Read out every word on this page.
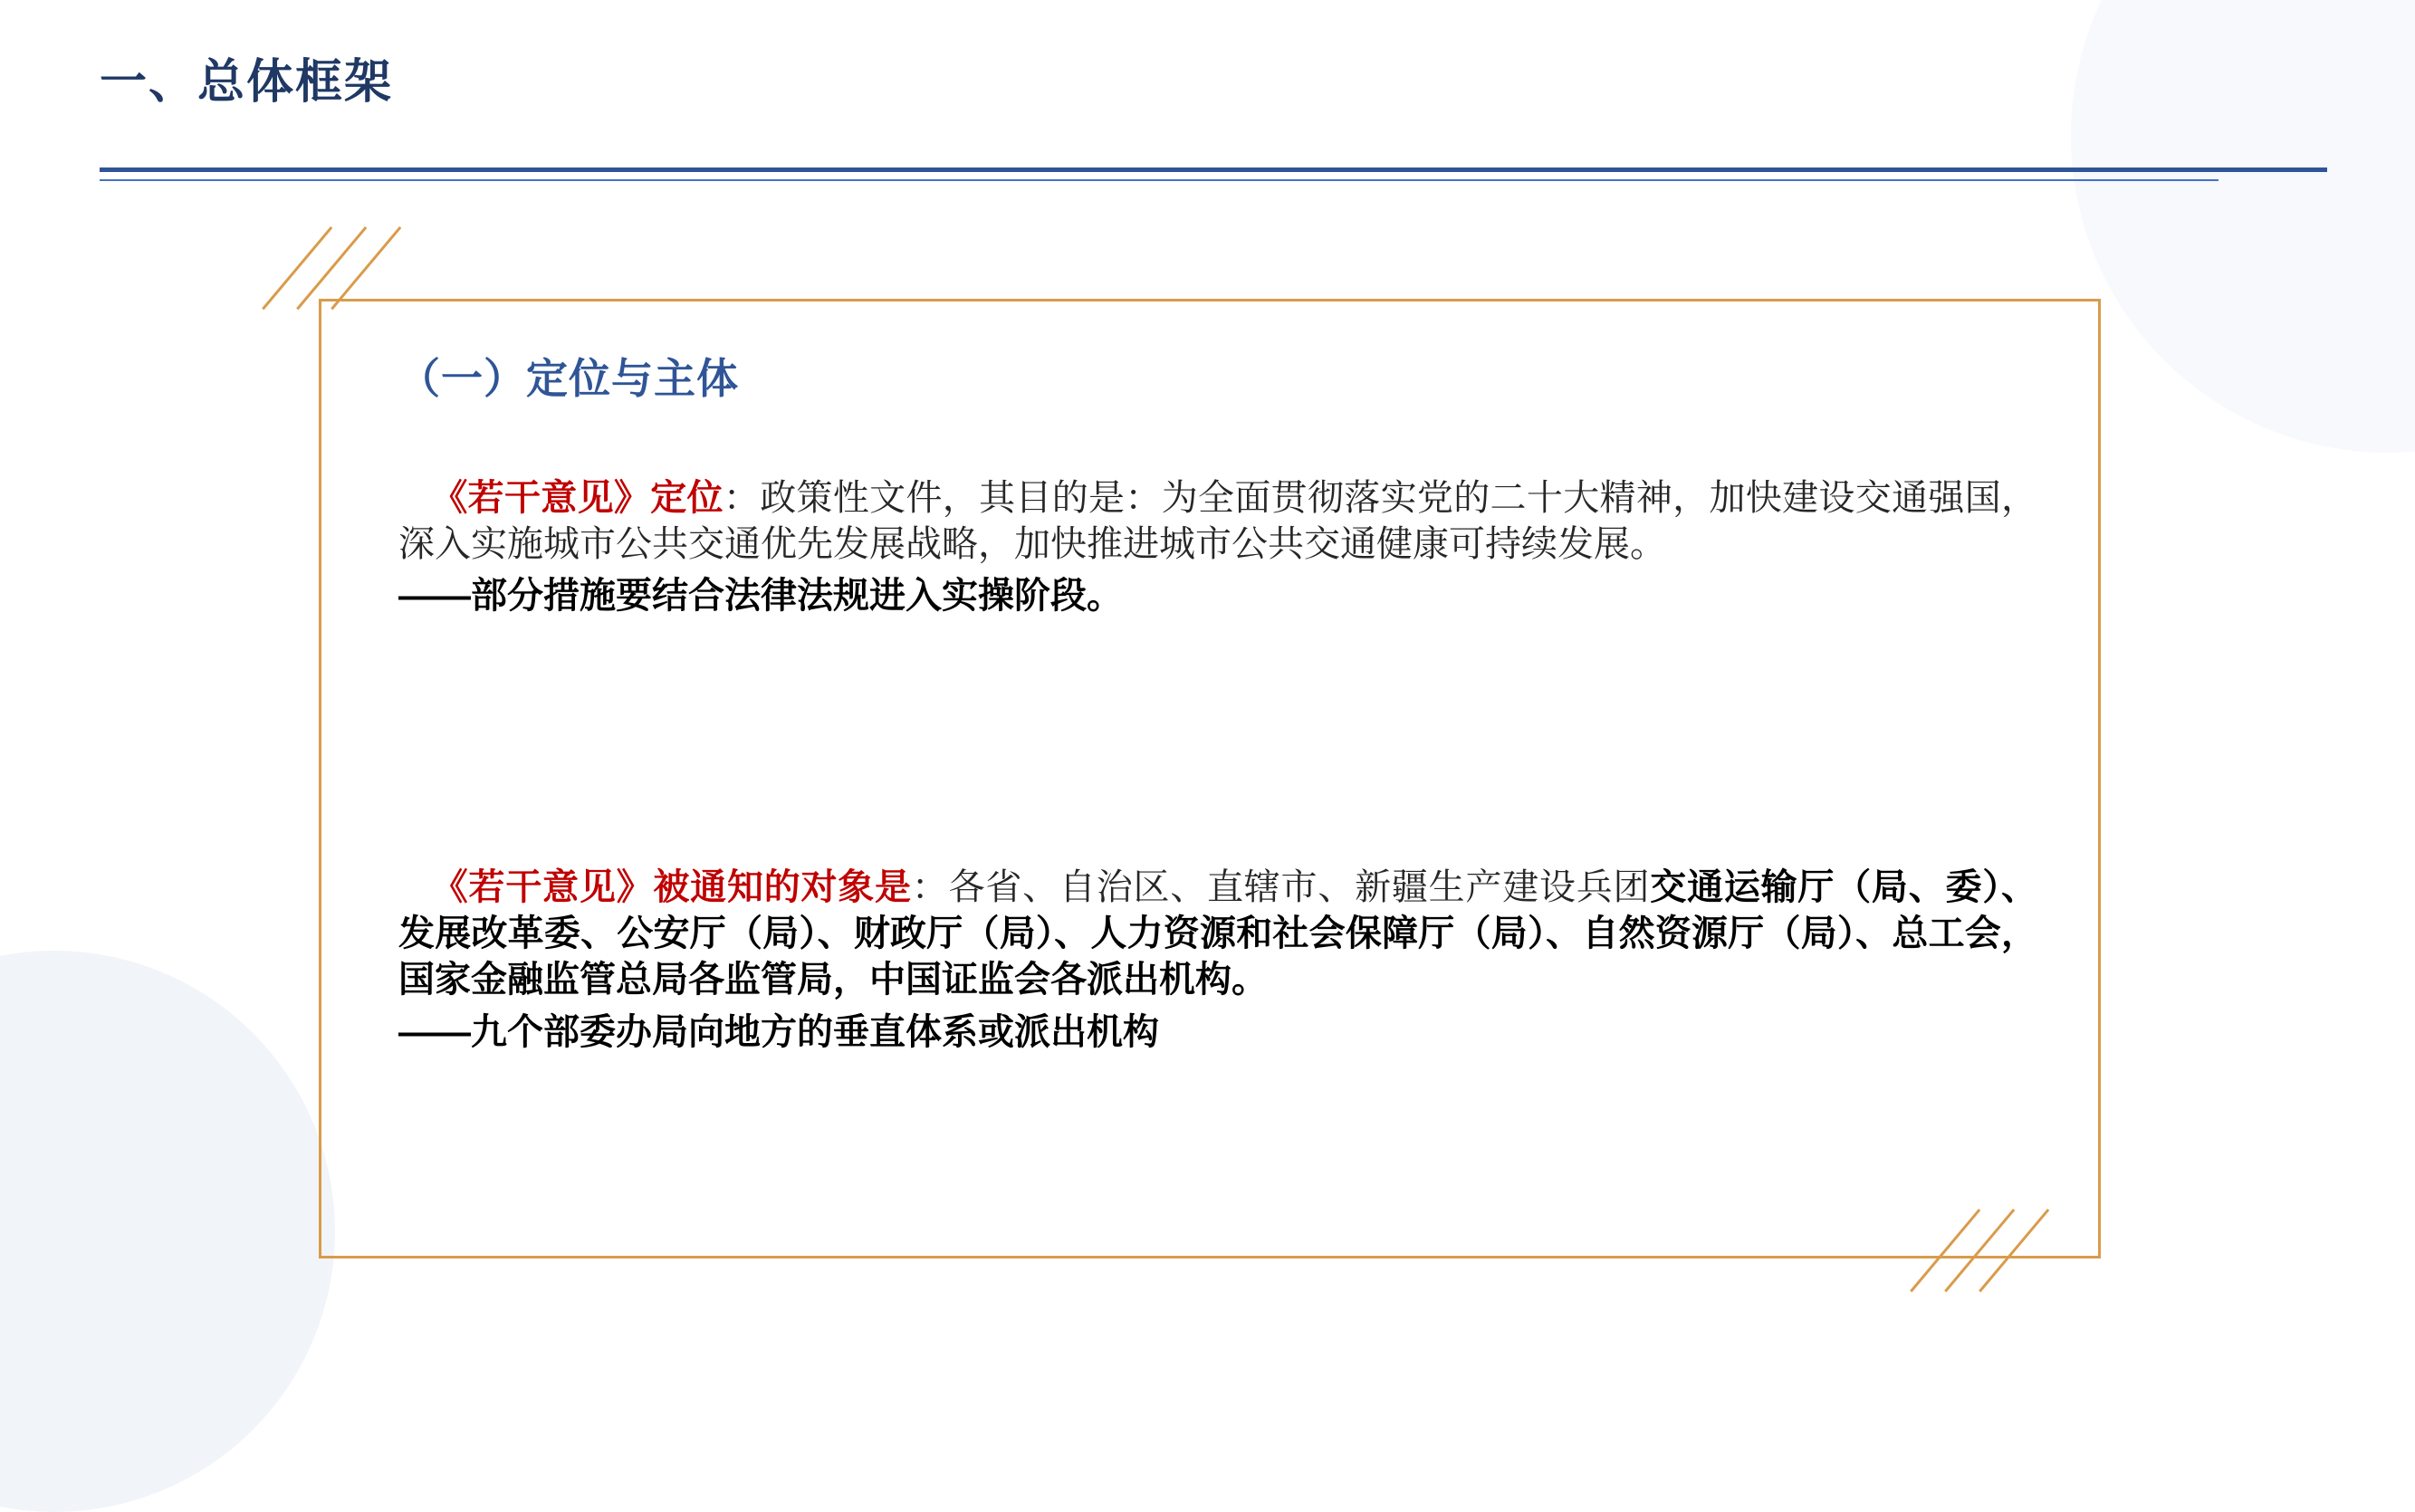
一、总体框架
（一）定位与主体
《若干意见》定位：政策性文件，其目的是：为全面贯彻落实党的二十大精神，加快建设交通强国，深入实施城市公共交通优先发展战略，加快推进城市公共交通健康可持续发展。
——部分措施要结合法律法规进入实操阶段。
《若干意见》被通知的对象是：各省、自治区、直辖市、新疆生产建设兵团交通运输厅（局、委）、发展改革委、公安厅（局）、财政厅（局）、人力资源和社会保障厅（局）、自然资源厅（局）、总工会，国家金融监管总局各监管局，中国证监会各派出机构。
——九个部委办局向地方的垂直体系或派出机构
